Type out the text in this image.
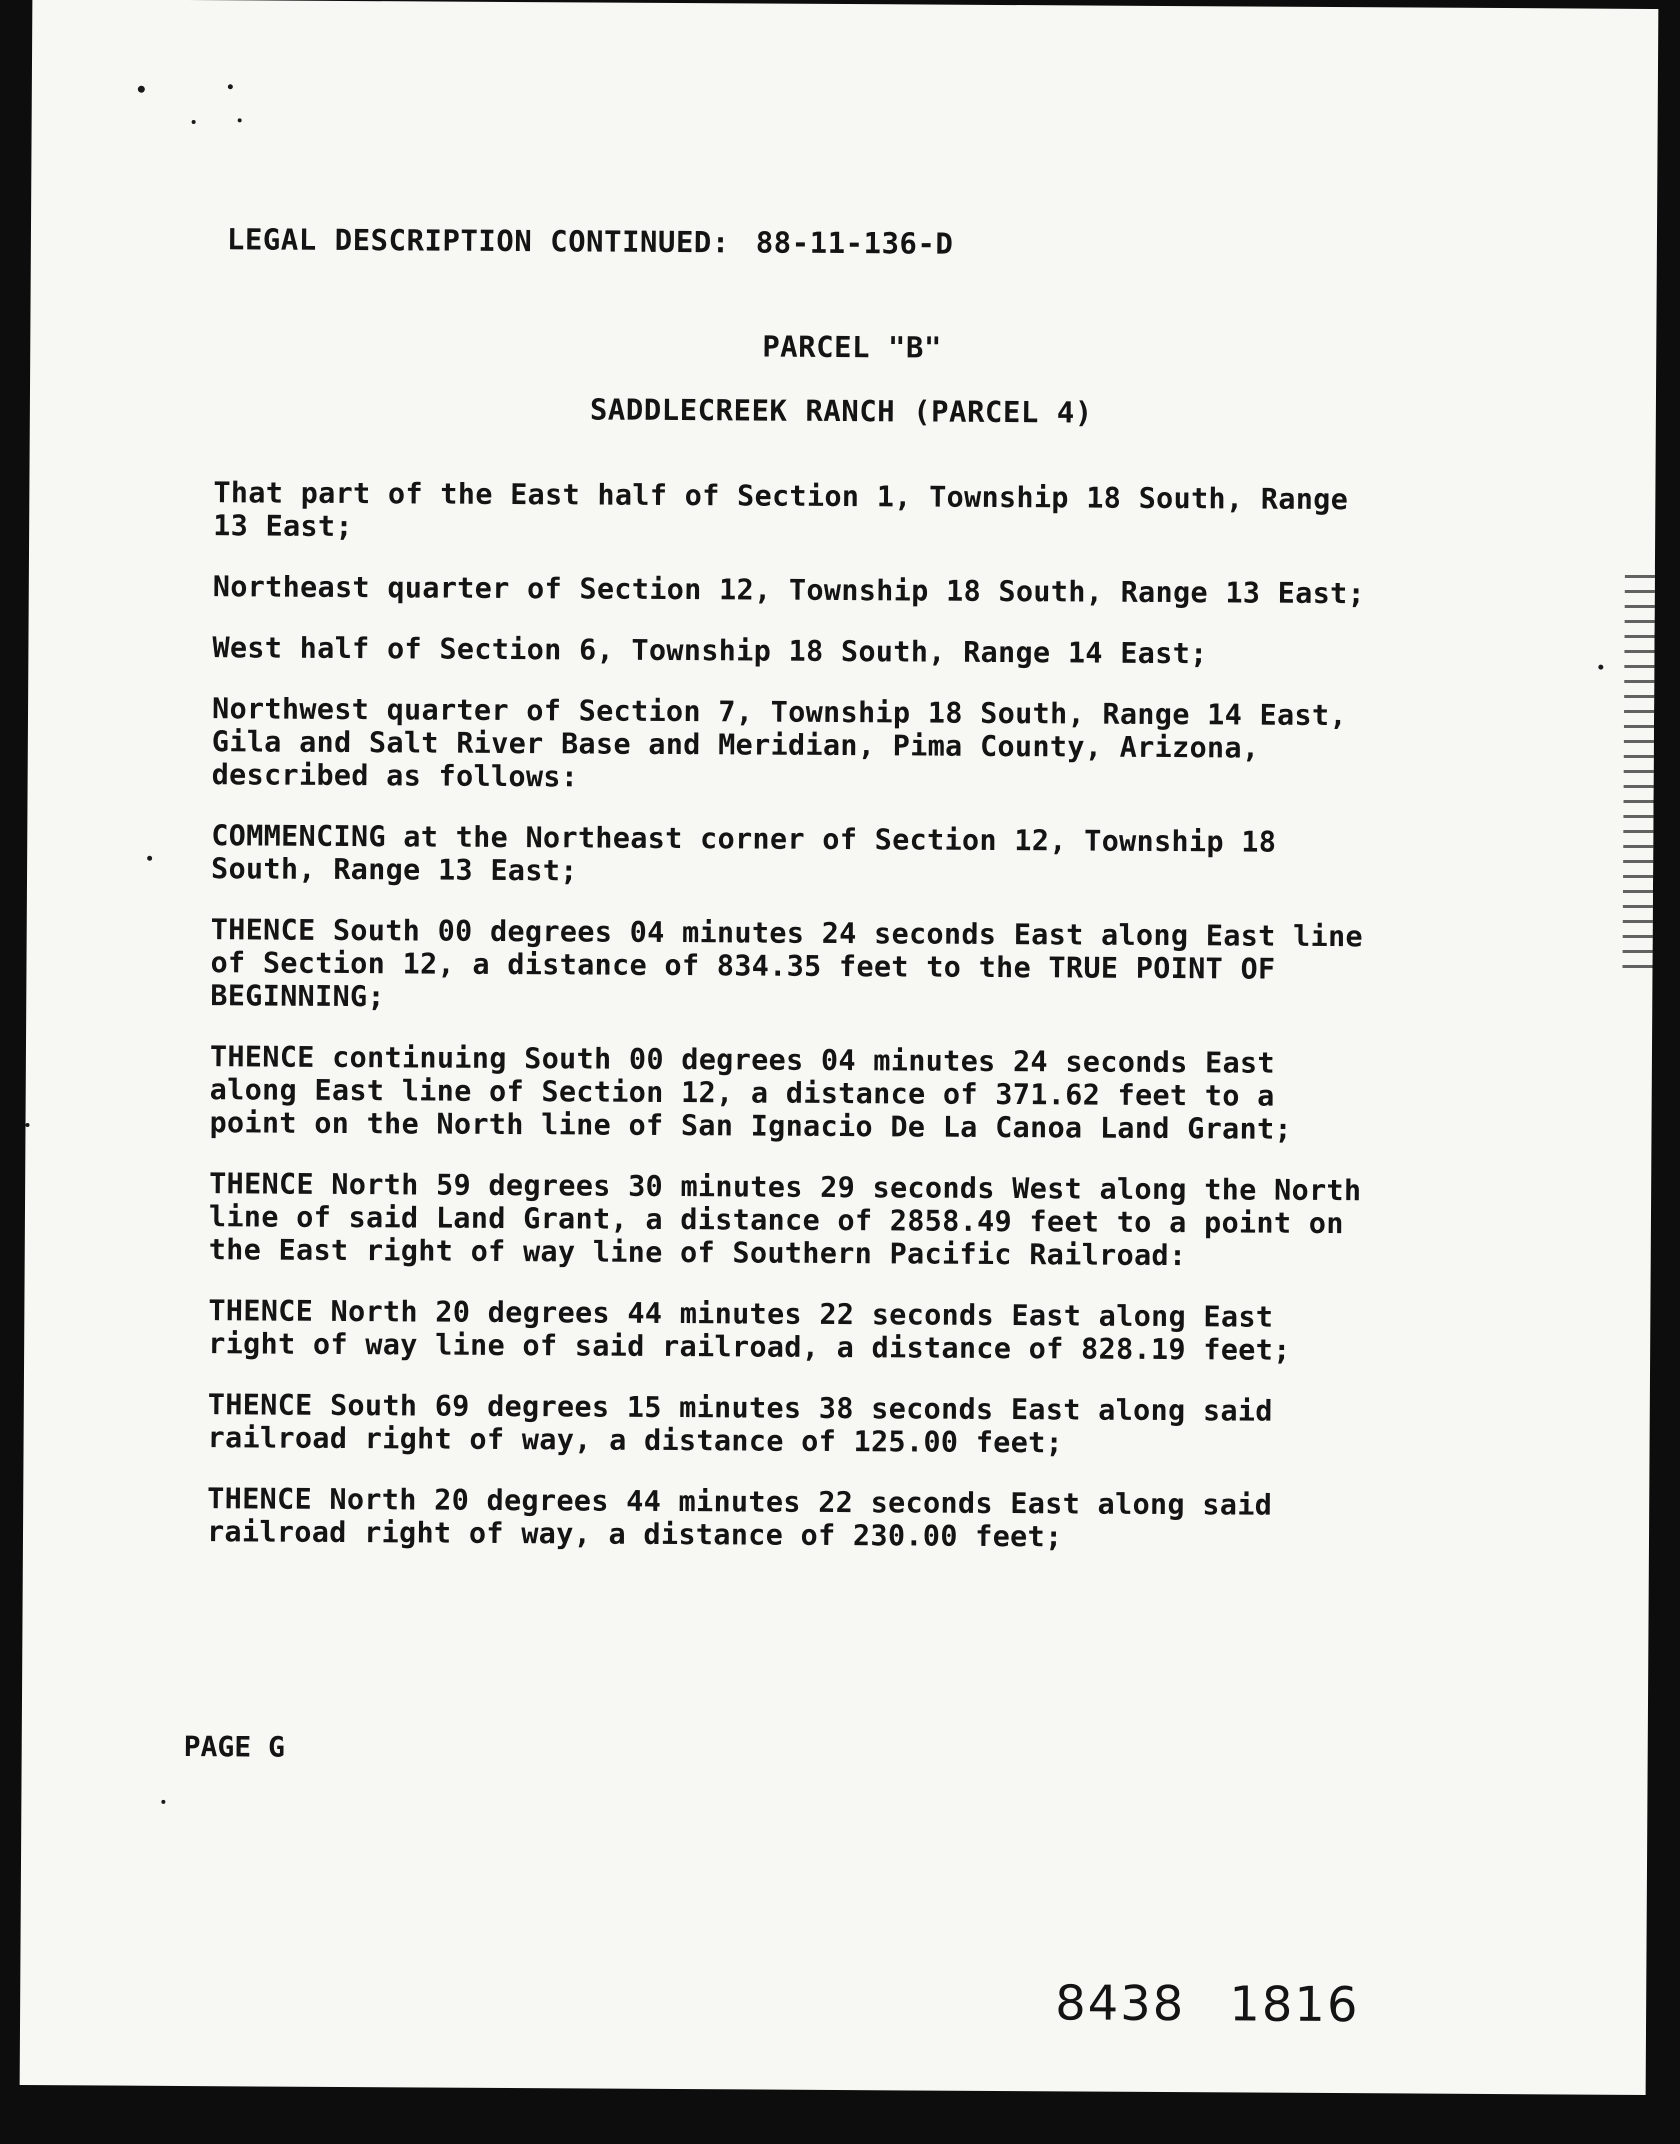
LEGAL DESCRIPTION CONTINUED: 88-11-136-D
PARCEL "B"
SADDLECREEK RANCH (PARCEL 4)

That part of the East half of Section 1, Township 18 South, Range
13 East;

Northeast quarter of Section 12, Township 18 South, Range 13 East;

West half of Section 6, Township 18 South, Range 14 East;

Northwest quarter of Section 7, Township 18 South, Range 14 East,
Gila and Salt River Base and Meridian, Pima County, Arizona,
described as follows:

COMMENCING at the Northeast corner of Section 12, Township 18
South, Range 13 East;

THENCE South 00 degrees 04 minutes 24 seconds East along East line
of Section 12, a distance of 834.35 feet to the TRUE POINT OF
BEGINNING;

THENCE continuing South 00 degrees 04 minutes 24 seconds East
along East line of Section 12, a distance of 371.62 feet to a
point on the North line of San Ignacio De La Canoa Land Grant;

THENCE North 59 degrees 30 minutes 29 seconds West along the North
line of said Land Grant, a distance of 2858.49 feet to a point on
the East right of way line of Southern Pacific Railroad:

THENCE North 20 degrees 44 minutes 22 seconds East along East
right of way line of said railroad, a distance of 828.19 feet;

THENCE South 69 degrees 15 minutes 38 seconds East along said
railroad right of way, a distance of 125.00 feet;

THENCE North 20 degrees 44 minutes 22 seconds East along said
railroad right of way, a distance of 230.00 feet;

PAGE G
8438 1816
